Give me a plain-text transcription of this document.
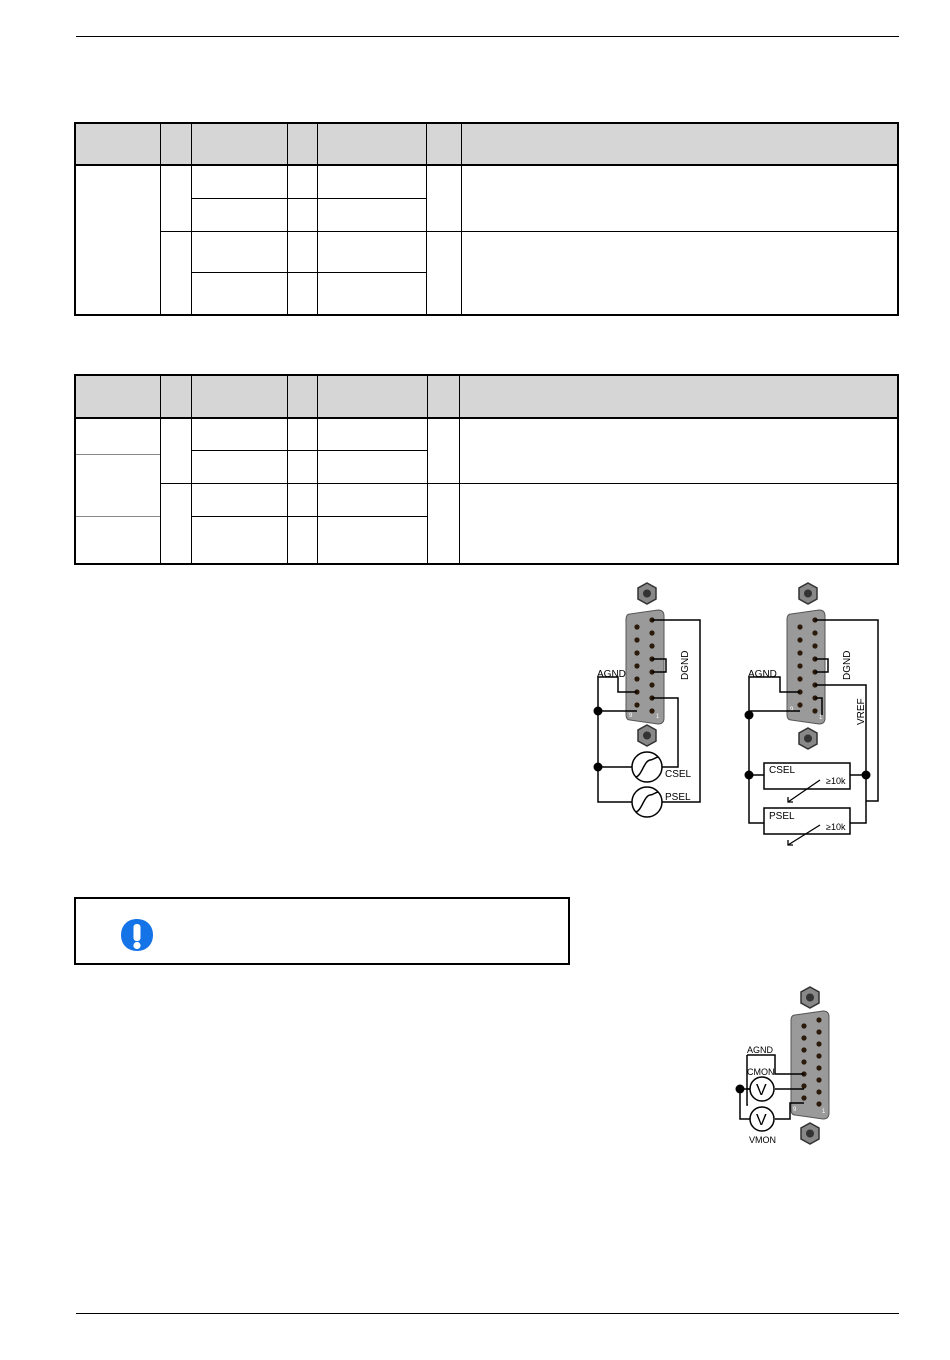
9	1
AGND
CSEL
PSEL
DGND
9
1
CSEL
≥10k
PSEL
≥10k
AGND	DGND
VREF
9	1
V
V
AGND
CMON
VMON
